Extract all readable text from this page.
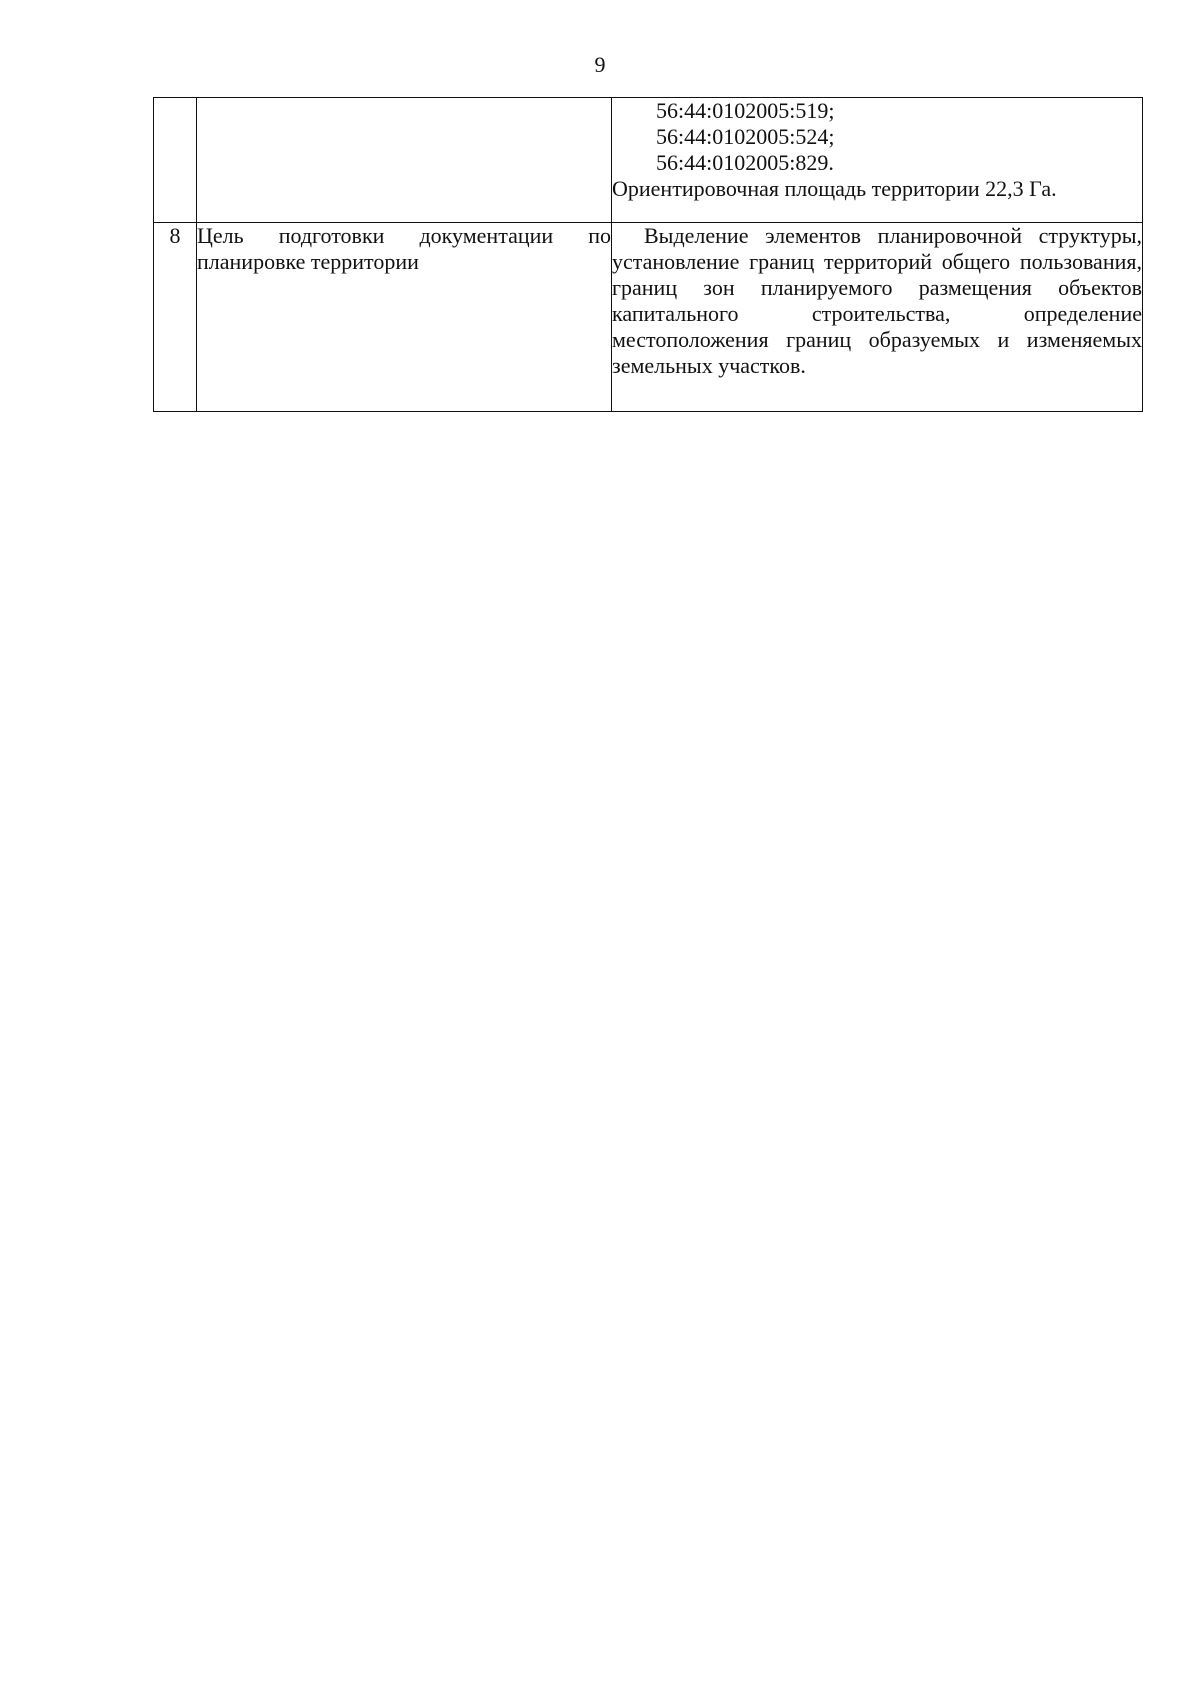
9

		56:44:0102005:519;
56:44:0102005:524;
56:44:0102005:829.
Ориентировочная площадь территории 22,3 Га.

8	Цель подготовки документации по планировке территории	Выделение элементов планировочной структуры, установление границ территорий общего пользования, границ зон планируемого размещения объектов капитального строительства, определение местоположения границ образуемых и изменяемых земельных участков.
